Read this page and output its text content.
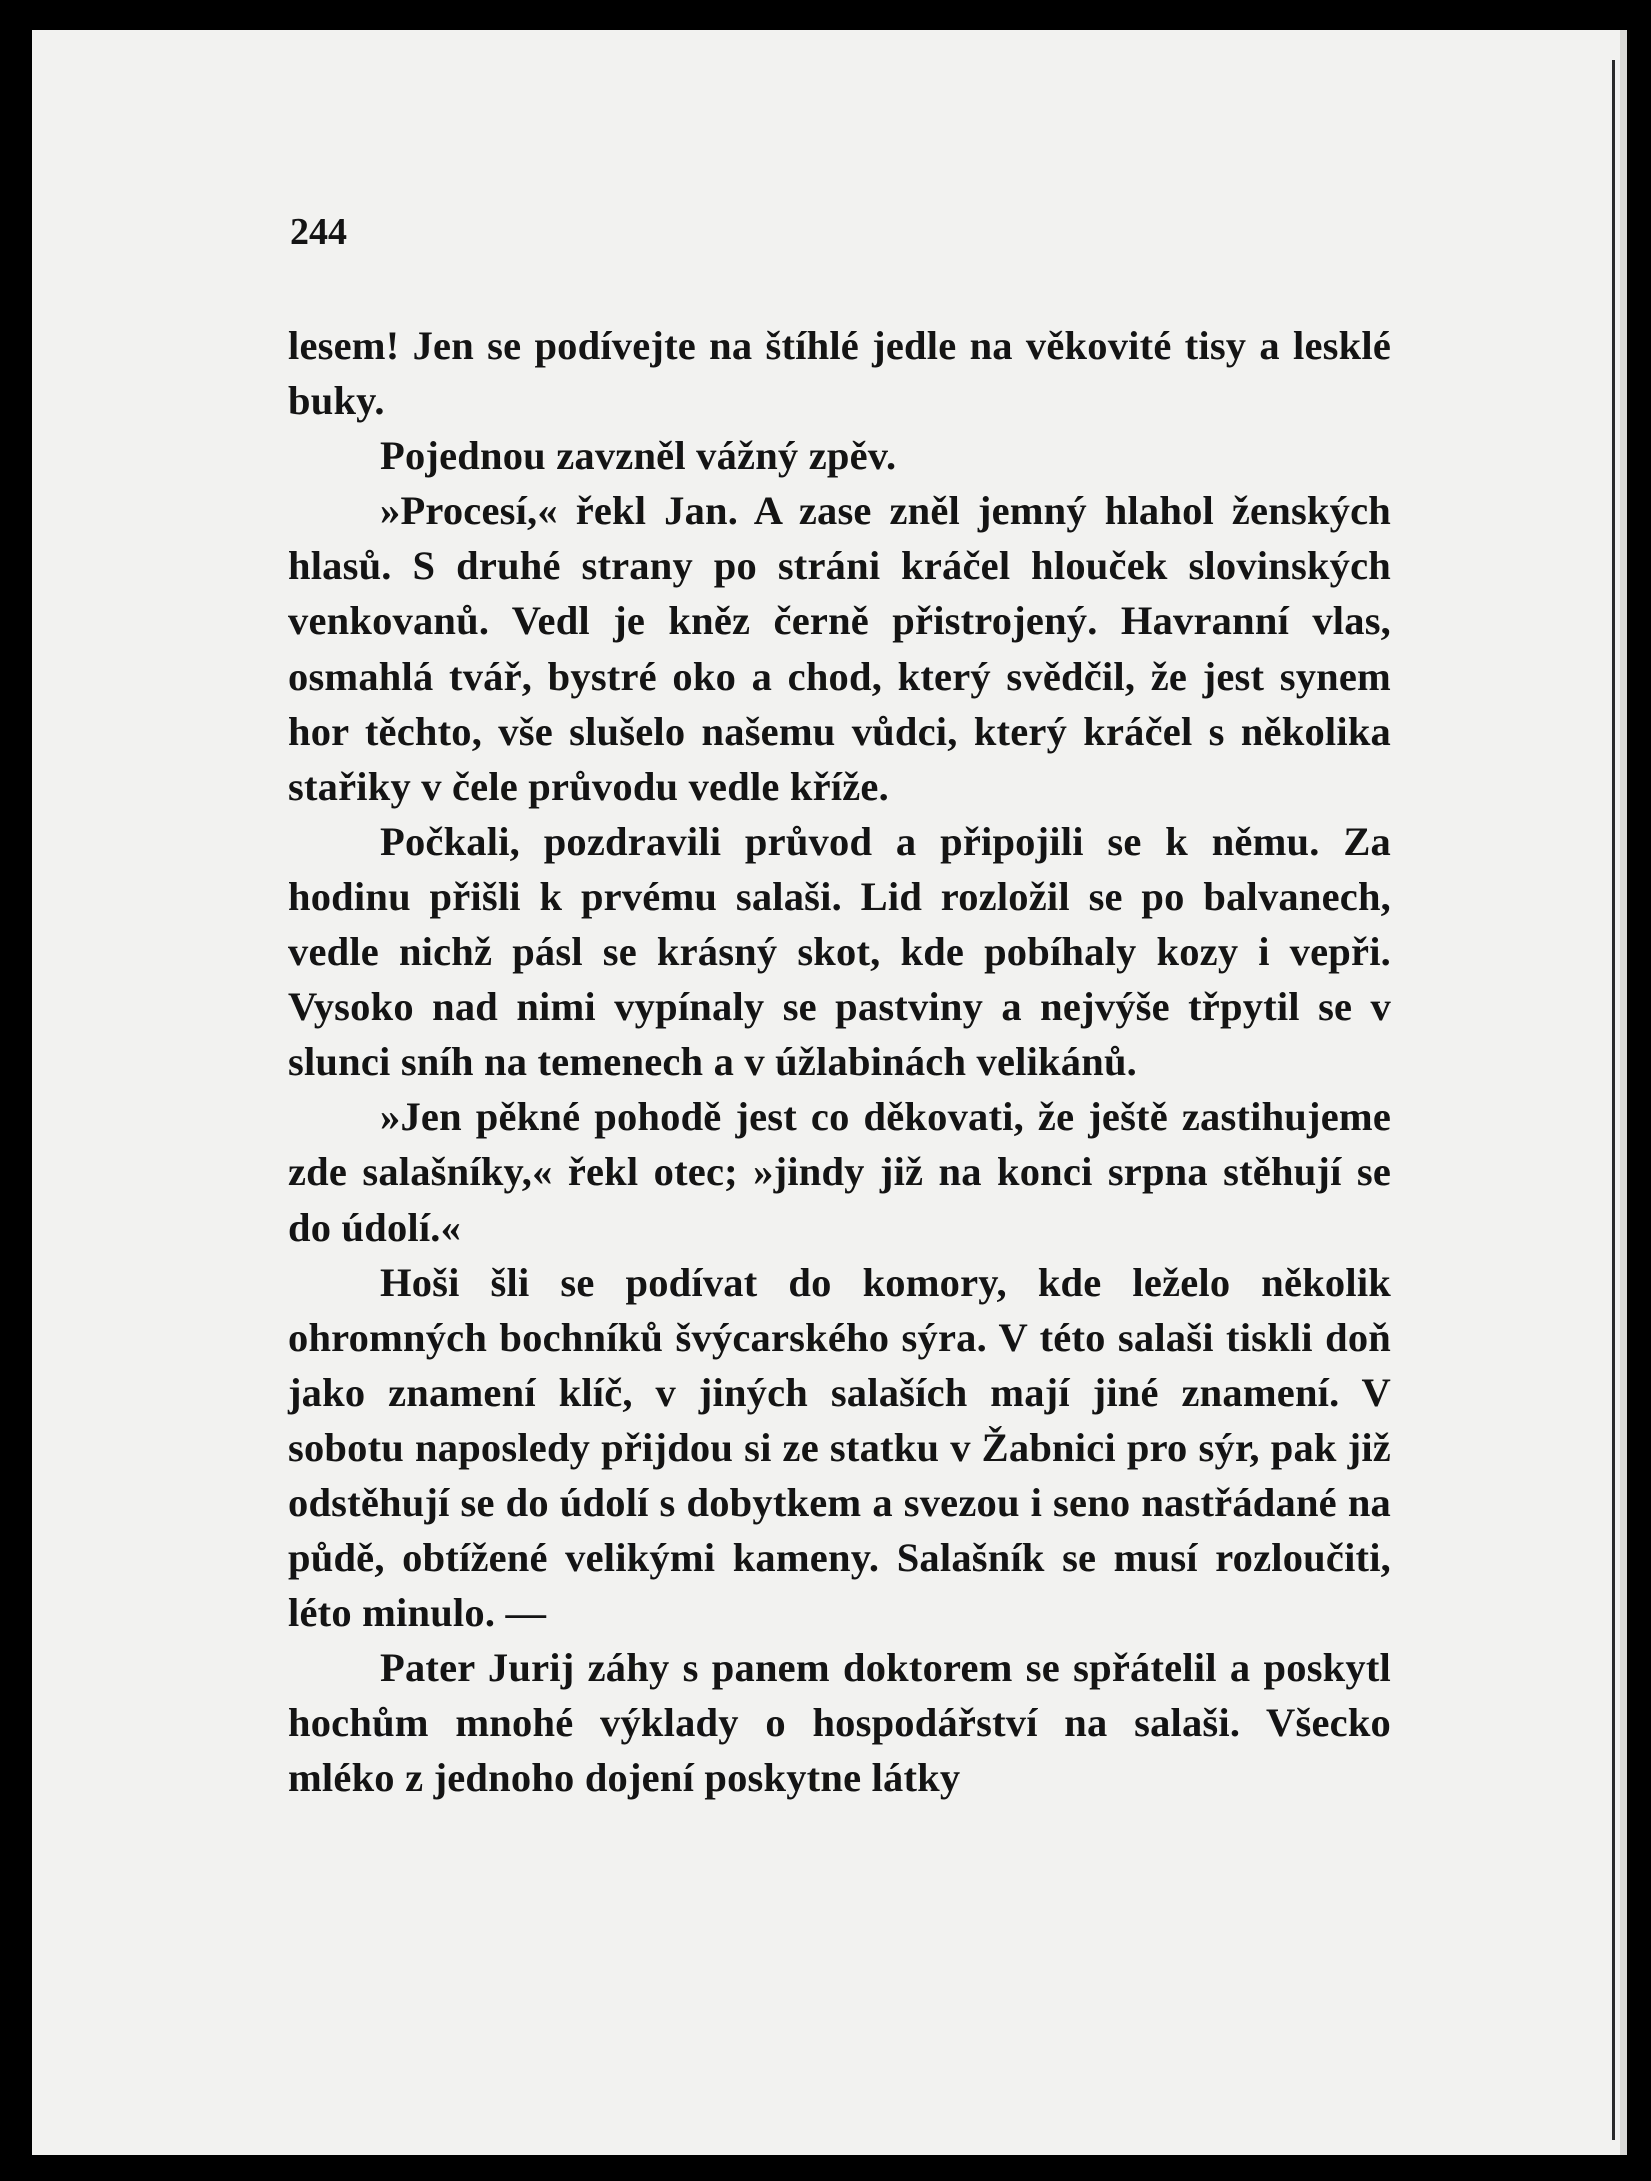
244

lesem! Jen se podívejte na štíhlé jedle na věkovité tisy a lesklé buky.

Pojednou zavzněl vážný zpěv.

»Procesí,« řekl Jan. A zase zněl jemný hlahol ženských hlasů. S druhé strany po stráni kráčel hlouček slovinských venkovanů. Vedl je kněz černě přistrojený. Havranní vlas, osmahlá tvář, bystré oko a chod, který svědčil, že jest synem hor těchto, vše slušelo našemu vůdci, který kráčel s několika stařiky v čele průvodu vedle kříže.

Počkali, pozdravili průvod a připojili se k němu. Za hodinu přišli k prvému salaši. Lid rozložil se po balvanech, vedle nichž pásl se krásný skot, kde pobíhaly kozy i vepři. Vysoko nad nimi vypínaly se pastviny a nejvýše třpytil se v slunci sníh na temenech a v úžlabinách velikánů.

»Jen pěkné pohodě jest co děkovati, že ještě zastihujeme zde salašníky,« řekl otec; »jindy již na konci srpna stěhují se do údolí.«

Hoši šli se podívat do komory, kde leželo několik ohromných bochníků švýcarského sýra. V této salaši tiskli doň jako znamení klíč, v jiných salaších mají jiné znamení. V sobotu naposledy přijdou si ze statku v Žabnici pro sýr, pak již odstěhují se do údolí s dobytkem a svezou i seno nastřádané na půdě, obtížené velikými kameny. Salašník se musí rozloučiti, léto minulo. —

Pater Jurij záhy s panem doktorem se spřátelil a poskytl hochům mnohé výklady o hospodářství na salaši. Všecko mléko z jednoho dojení poskytne látky
